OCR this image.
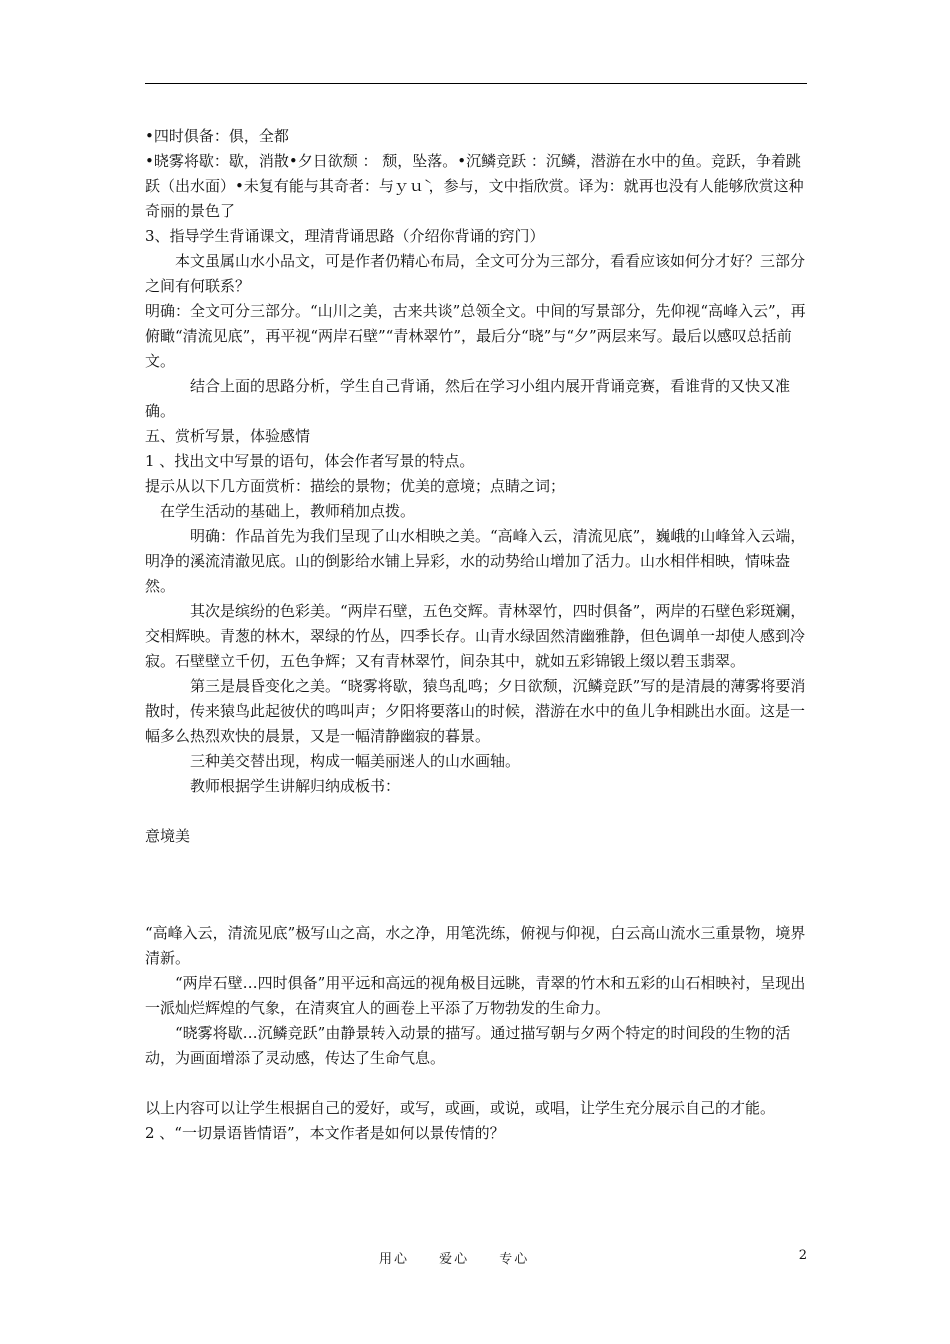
•四时俱备：俱，全都

•晓雾将歇：歇，消散•夕日欲颓 ： 颓，坠落。•沉鳞竞跃 ：沉鳞，潜游在水中的鱼。竞跃，争着跳跃（出水面）•未复有能与其奇者：与ｙｕ̀ ，参与，文中指欣赏。译为：就再也没有人能够欣赏这种奇丽的景色了

3、指导学生背诵课文，理清背诵思路（介绍你背诵的窍门）

本文虽属山水小品文，可是作者仍精心布局，全文可分为三部分，看看应该如何分才好？三部分之间有何联系？

明确：全文可分三部分。“山川之美，古来共谈”总领全文。中间的写景部分，先仰视“高峰入云”，再俯瞰“清流见底”，再平视“两岸石壁”“青林翠竹”，最后分“晓”与“夕”两层来写。最后以感叹总括前文。

结合上面的思路分析，学生自己背诵，然后在学习小组内展开背诵竞赛，看谁背的又快又准确。

五、赏析写景，体验感情

1 、找出文中写景的语句，体会作者写景的特点。

提示从以下几方面赏析：描绘的景物；优美的意境；点睛之词；

在学生活动的基础上，教师稍加点拨。

明确：作品首先为我们呈现了山水相映之美。“高峰入云，清流见底”，巍峨的山峰耸入云端，明净的溪流清澈见底。山的倒影给水铺上异彩，水的动势给山增加了活力。山水相伴相映，情味盎然。

其次是缤纷的色彩美。“两岸石壁，五色交辉。青林翠竹，四时俱备”，两岸的石壁色彩斑斓，交相辉映。青葱的林木，翠绿的竹丛，四季长存。山青水绿固然清幽雅静，但色调单一却使人感到冷寂。石壁壁立千仞，五色争辉；又有青林翠竹，间杂其中，就如五彩锦锻上缀以碧玉翡翠。

第三是晨昏变化之美。“晓雾将歇，猿鸟乱鸣；夕日欲颓，沉鳞竞跃”写的是清晨的薄雾将要消散时，传来猿鸟此起彼伏的鸣叫声；夕阳将要落山的时候，潜游在水中的鱼儿争相跳出水面。这是一幅多么热烈欢快的晨景，又是一幅清静幽寂的暮景。

三种美交替出现，构成一幅美丽迷人的山水画轴。

教师根据学生讲解归纳成板书：

意境美

“高峰入云，清流见底”极写山之高，水之净，用笔洗练，俯视与仰视，白云高山流水三重景物，境界清新。

“两岸石壁…四时俱备”用平远和高远的视角极目远眺，青翠的竹木和五彩的山石相映衬，呈现出一派灿烂辉煌的气象，在清爽宜人的画卷上平添了万物勃发的生命力。

“晓雾将歇…沉鳞竞跃”由静景转入动景的描写。通过描写朝与夕两个特定的时间段的生物的活动，为画面增添了灵动感，传达了生命气息。

以上内容可以让学生根据自己的爱好，或写，或画，或说，或唱，让学生充分展示自己的才能。

2 、“一切景语皆情语”，本文作者是如何以景传情的？

用心 爱心 专心	2
